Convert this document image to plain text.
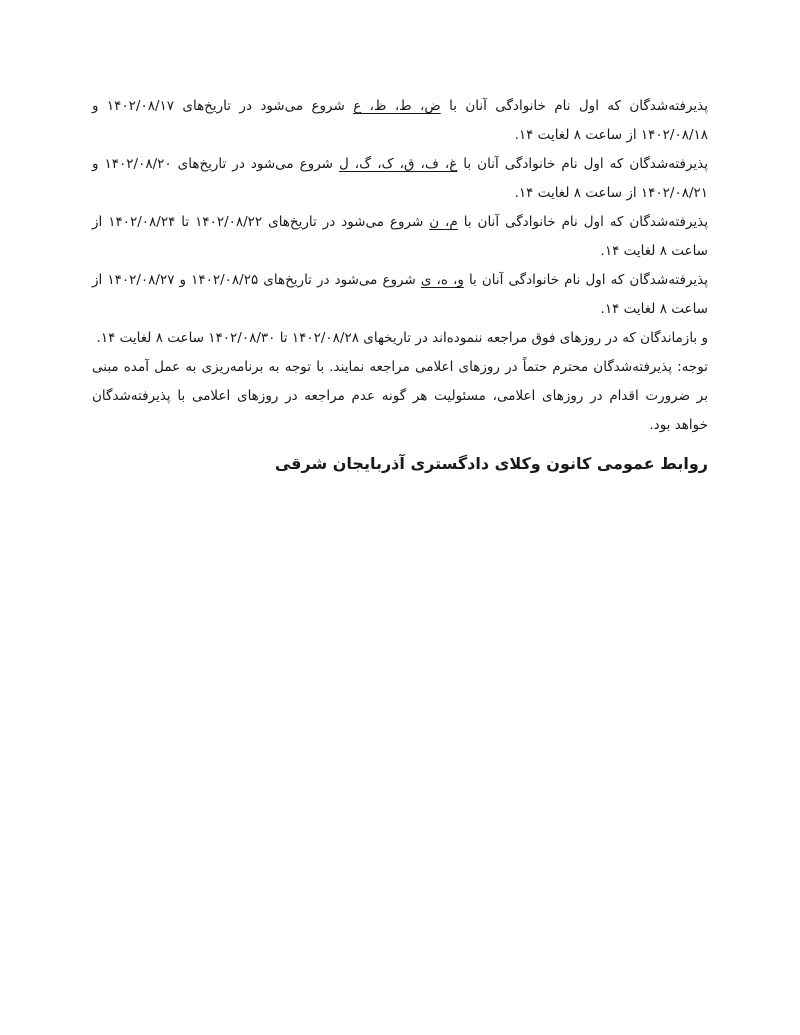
پذیرفته‌شدگان که اول نام خانوادگی آنان با ض، ط، ظ، ع شروع می‌شود در تاریخ‌های ۱۴۰۲/۰۸/۱۷ و ۱۴۰۲/۰۸/۱۸ از ساعت ۸ لغایت ۱۴.

پذیرفته‌شدگان که اول نام خانوادگی آنان با غ، ف، ق، ک، گ، ل شروع می‌شود در تاریخ‌های ۱۴۰۲/۰۸/۲۰ و ۱۴۰۲/۰۸/۲۱ از ساعت ۸ لغایت ۱۴.

پذیرفته‌شدگان که اول نام خانوادگی آنان با م، ن شروع می‌شود در تاریخ‌های ۱۴۰۲/۰۸/۲۲ تا ۱۴۰۲/۰۸/۲۴ از ساعت ۸ لغایت ۱۴.

پذیرفته‌شدگان که اول نام خانوادگی آنان با و، ه، ی شروع می‌شود در تاریخ‌های ۱۴۰۲/۰۸/۲۵ و ۱۴۰۲/۰۸/۲۷ از ساعت ۸ لغایت ۱۴.

و بازماندگان که در روزهای فوق مراجعه ننموده‌اند در تاریخهای ۱۴۰۲/۰۸/۲۸ تا ۱۴۰۲/۰۸/۳۰ ساعت ۸ لغایت ۱۴.

توجه: پذیرفته‌شدگان محترم حتماً در روزهای اعلامی مراجعه نمایند. با توجه به برنامه‌ریزی به عمل آمده مبنی بر ضرورت اقدام در روزهای اعلامی، مسئولیت هر گونه عدم مراجعه در روزهای اعلامی با پذیرفته‌شدگان خواهد بود.

روابط عمومی کانون وکلای دادگستری آذربایجان شرقی
